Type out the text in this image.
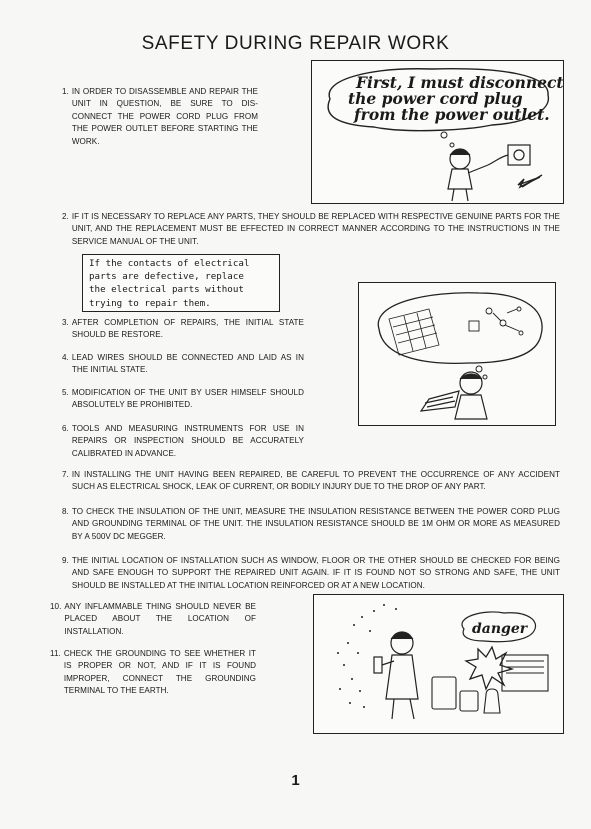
SAFETY DURING REPAIR WORK
1. IN ORDER TO DISASSEMBLE AND REPAIR THE UNIT IN QUESTION, BE SURE TO DIS-CONNECT THE POWER CORD PLUG FROM THE POWER OUTLET BEFORE STARTING THE WORK.
First, I must disconnect
the power cord plug
from the power outlet.
2. IF IT IS NECESSARY TO REPLACE ANY PARTS, THEY SHOULD BE REPLACED WITH RESPECTIVE GENUINE PARTS FOR THE UNIT, AND THE REPLACEMENT MUST BE EFFECTED IN CORRECT MANNER ACCORDING TO THE INSTRUCTIONS IN THE SERVICE MANUAL OF THE UNIT.
If the contacts of electrical
parts are defective, replace
the electrical parts without
trying to repair them.
3. AFTER COMPLETION OF REPAIRS, THE INITIAL STATE SHOULD BE RESTORE.
4. LEAD WIRES SHOULD BE CONNECTED AND LAID AS IN THE INITIAL STATE.
5. MODIFICATION OF THE UNIT BY USER HIMSELF SHOULD ABSOLUTELY BE PROHIBITED.
6. TOOLS AND MEASURING INSTRUMENTS FOR USE IN REPAIRS OR INSPECTION SHOULD BE ACCURATELY CALIBRATED IN ADVANCE.
7. IN INSTALLING THE UNIT HAVING BEEN REPAIRED, BE CAREFUL TO PREVENT THE OCCURRENCE OF ANY ACCIDENT SUCH AS ELECTRICAL SHOCK, LEAK OF CURRENT, OR BODILY INJURY DUE TO THE DROP OF ANY PART.
8. TO CHECK THE INSULATION OF THE UNIT, MEASURE THE INSULATION RESISTANCE BETWEEN THE POWER CORD PLUG AND GROUNDING TERMINAL OF THE UNIT. THE INSULATION RESISTANCE SHOULD BE 1M OHM OR MORE AS MEASURED BY A 500V DC MEGGER.
9. THE INITIAL LOCATION OF INSTALLATION SUCH AS WINDOW, FLOOR OR THE OTHER SHOULD BE CHECKED FOR BEING AND SAFE ENOUGH TO SUPPORT THE REPAIRED UNIT AGAIN. IF IT IS FOUND NOT SO STRONG AND SAFE, THE UNIT SHOULD BE INSTALLED AT THE INITIAL LOCATION REINFORCED OR AT A NEW LOCATION.
10. ANY INFLAMMABLE THING SHOULD NEVER BE PLACED ABOUT THE LOCATION OF INSTALLATION.
11. CHECK THE GROUNDING TO SEE WHETHER IT IS PROPER OR NOT, AND IF IT IS FOUND IMPROPER, CONNECT THE GROUNDING TERMINAL TO THE EARTH.
danger
1
